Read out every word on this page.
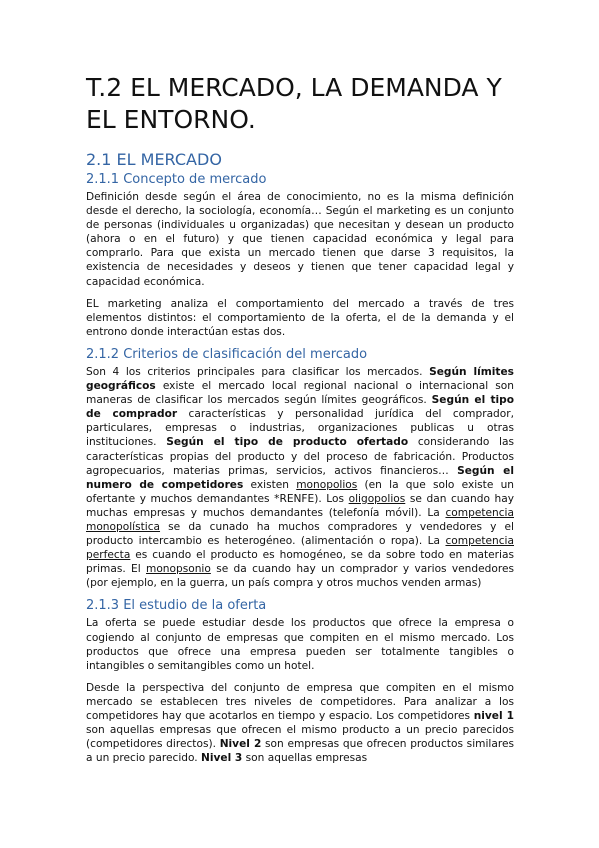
T.2 EL MERCADO, LA DEMANDA Y EL ENTORNO.
2.1 EL MERCADO
2.1.1 Concepto de mercado

Definición desde según el área de conocimiento, no es la misma definición desde el derecho, la sociología, economía… Según el marketing es un conjunto de personas (individuales u organizadas) que necesitan y desean un producto (ahora o en el futuro) y que tienen capacidad económica y legal para comprarlo. Para que exista un mercado tienen que darse 3 requisitos, la existencia de necesidades y deseos y tienen que tener capacidad legal y capacidad económica.

EL marketing analiza el comportamiento del mercado a través de tres elementos distintos: el comportamiento de la oferta, el de la demanda y el entrono donde interactúan estas dos.

2.1.2 Criterios de clasificación del mercado

Son 4 los criterios principales para clasificar los mercados. Según límites geográficos existe el mercado local regional nacional o internacional son maneras de clasificar los mercados según límites geográficos. Según el tipo de comprador características y personalidad jurídica del comprador, particulares, empresas o industrias, organizaciones publicas u otras instituciones. Según el tipo de producto ofertado considerando las características propias del producto y del proceso de fabricación. Productos agropecuarios, materias primas, servicios, activos financieros… Según el numero de competidores existen monopolios (en la que solo existe un ofertante y muchos demandantes *RENFE). Los oligopolios se dan cuando hay muchas empresas y muchos demandantes (telefonía móvil). La competencia monopolística se da cunado ha muchos compradores y vendedores y el producto intercambio es heterogéneo. (alimentación o ropa). La competencia perfecta es cuando el producto es homogéneo, se da sobre todo en materias primas. El monopsonio se da cuando hay un comprador y varios vendedores (por ejemplo, en la guerra, un país compra y otros muchos venden armas)

2.1.3 El estudio de la oferta

La oferta se puede estudiar desde los productos que ofrece la empresa o cogiendo al conjunto de empresas que compiten en el mismo mercado. Los productos que ofrece una empresa pueden ser totalmente tangibles o intangibles o semitangibles como un hotel.

Desde la perspectiva del conjunto de empresa que compiten en el mismo mercado se establecen tres niveles de competidores. Para analizar a los competidores hay que acotarlos en tiempo y espacio. Los competidores nivel 1 son aquellas empresas que ofrecen el mismo producto a un precio parecidos (competidores directos). Nivel 2 son empresas que ofrecen productos similares a un precio parecido. Nivel 3 son aquellas empresas
